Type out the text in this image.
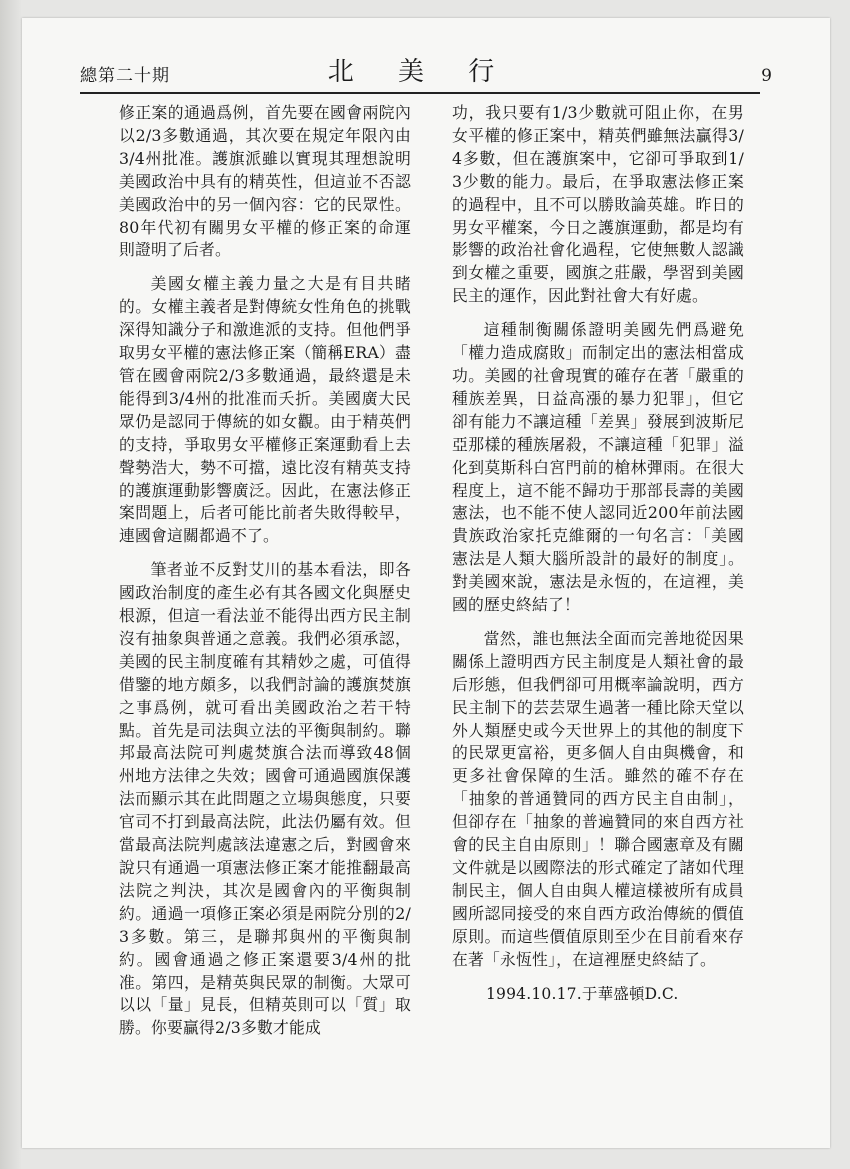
總第二十期	北 美 行	9

修正案的通過爲例，首先要在國會兩院內以2/3多數通過，其次要在規定年限內由3/4州批准。護旗派雖以實現其理想說明美國政治中具有的精英性，但這並不否認美國政治中的另一個內容：它的民眾性。80年代初有關男女平權的修正案的命運則證明了后者。

美國女權主義力量之大是有目共睹的。女權主義者是對傳統女性角色的挑戰深得知識分子和激進派的支持。但他們爭取男女平權的憲法修正案（簡稱ERA）盡管在國會兩院2/3多數通過，最終還是未能得到3/4州的批准而夭折。美國廣大民眾仍是認同于傳統的如女觀。由于精英們的支持，爭取男女平權修正案運動看上去聲勢浩大，勢不可擋，遠比沒有精英支持的護旗運動影響廣泛。因此，在憲法修正案問題上，后者可能比前者失敗得較早，連國會這關都過不了。

筆者並不反對艾川的基本看法，即各國政治制度的產生必有其各國文化與歷史根源，但這一看法並不能得出西方民主制沒有抽象與普通之意義。我們必須承認，美國的民主制度確有其精妙之處，可值得借鑒的地方頗多，以我們討論的護旗焚旗之事爲例，就可看出美國政治之若干特點。首先是司法與立法的平衡與制約。聯邦最高法院可判處焚旗合法而導致48個州地方法律之失效；國會可通過國旗保護法而顯示其在此問題之立場與態度，只要官司不打到最高法院，此法仍屬有效。但當最高法院判處該法違憲之后，對國會來說只有通過一項憲法修正案才能推翻最高法院之判決，其次是國會內的平衡與制約。通過一項修正案必須是兩院分別的2/3多數。第三，是聯邦與州的平衡與制約。國會通過之修正案還要3/4州的批准。第四，是精英與民眾的制衡。大眾可以以「量」見長，但精英則可以「質」取勝。你要贏得2/3多數才能成

功，我只要有1/3少數就可阻止你，在男女平權的修正案中，精英們雖無法贏得3/4多數，但在護旗案中，它卻可爭取到1/3少數的能力。最后，在爭取憲法修正案的過程中，且不可以勝敗論英雄。昨日的男女平權案，今日之護旗運動，都是均有影響的政治社會化過程，它使無數人認識到女權之重要，國旗之莊嚴，學習到美國民主的運作，因此對社會大有好處。

這種制衡關係證明美國先們爲避免「權力造成腐敗」而制定出的憲法相當成功。美國的社會現實的確存在著「嚴重的種族差異，日益高漲的暴力犯罪」，但它卻有能力不讓這種「差異」發展到波斯尼亞那樣的種族屠殺，不讓這種「犯罪」溢化到莫斯科白宮門前的槍林彈雨。在很大程度上，這不能不歸功于那部長壽的美國憲法，也不能不使人認同近200年前法國貴族政治家托克維爾的一句名言：「美國憲法是人類大腦所設計的最好的制度」。對美國來說，憲法是永恆的，在這裡，美國的歷史終結了！

當然，誰也無法全面而完善地從因果關係上證明西方民主制度是人類社會的最后形態，但我們卻可用概率論說明，西方民主制下的芸芸眾生過著一種比除天堂以外人類歷史或今天世界上的其他的制度下的民眾更富裕，更多個人自由與機會，和更多社會保障的生活。雖然的確不存在「抽象的普通贊同的西方民主自由制」，但卻存在「抽象的普遍贊同的來自西方社會的民主自由原則」！聯合國憲章及有關文件就是以國際法的形式確定了諸如代理制民主，個人自由與人權這樣被所有成員國所認同接受的來自西方政治傳統的價值原則。而這些價值原則至少在目前看來存在著「永恆性」，在這裡歷史終結了。

1994.10.17.于華盛頓D.C.
